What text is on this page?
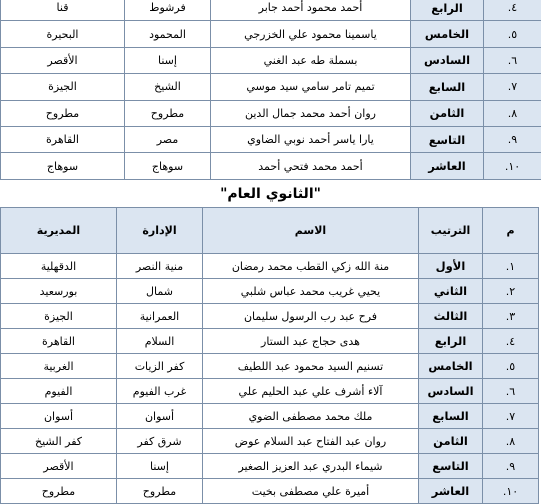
٤.	الرابع	أحمد محمود أحمد جابر	فرشوط	قنا
٥.	الخامس	ياسمينا محمود علي الخزرجي	المحمود	البحيرة
٦.	السادس	بسملة طه عبد الغني	إسنا	الأقصر
٧.	السابع	تميم تامر سامي سيد موسي	الشيخ	الجيزة
٨.	الثامن	روان أحمد محمد جمال الدين	مطروح	مطروح
٩.	التاسع	يارا ياسر أحمد نوبي الضاوي	مصر	القاهرة
١٠.	العاشر	أحمد محمد فتحي أحمد	سوهاج	سوهاج
"الثانوي العام"
م	الترتيب	الاسم	الإدارة	المديرية
١.	الأول	منة الله زكي القطب محمد رمضان	منية النصر	الدقهلية
٢.	الثاني	يحيي غريب محمد عباس شلبي	شمال	بورسعيد
٣.	الثالث	فرح عبد رب الرسول سليمان	العمرانية	الجيزة
٤.	الرابع	هدى حجاج عبد الستار	السلام	القاهرة
٥.	الخامس	تسنيم السيد محمود عبد اللطيف	كفر الزيات	الغربية
٦.	السادس	آلاء أشرف علي عبد الحليم علي	غرب الفيوم	الفيوم
٧.	السابع	ملك محمد مصطفى الضوي	أسوان	أسوان
٨.	الثامن	روان عبد الفتاح عبد السلام عوض	شرق كفر	كفر الشيخ
٩.	التاسع	شيماء البدري عبد العزيز الصغير	إسنا	الأقصر
١٠.	العاشر	أميرة علي مصطفى بخيت	مطروح	مطروح
